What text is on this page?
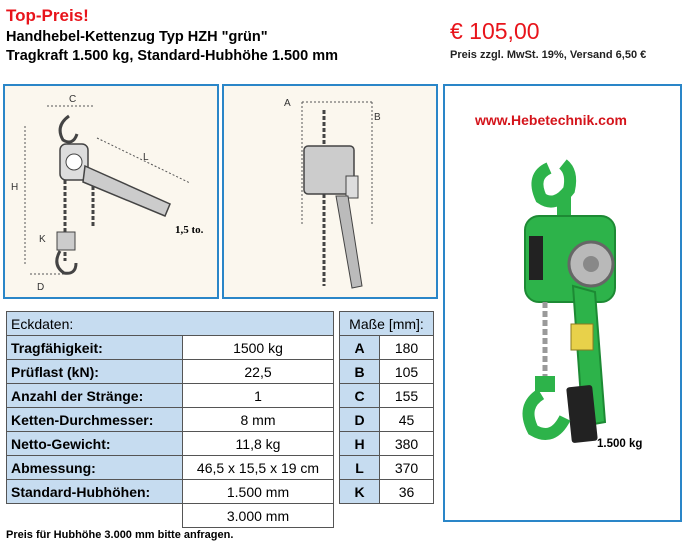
Top-Preis!
Handhebel-Kettenzug Typ HZH "grün"
Tragkraft 1.500 kg, Standard-Hubhöhe 1.500 mm
€ 105,00
Preis zzgl. MwSt. 19%, Versand 6,50 €
C
L
H
K
D
1,5 to.
A
B	www.Hebetechnik.com
1.500 kg
Eckdaten:	
Tragfähigkeit:	1500 kg
Prüflast (kN):	22,5
Anzahl der Stränge:	1
Ketten-Durchmesser:	8 mm
Netto-Gewicht:	11,8 kg
Abmessung:	46,5 x 15,5 x 19 cm
Standard-Hubhöhen:	1.500 mm
	3.000 mm
Maße [mm]:	
A	180
B	105
C	155
D	45
H	380
L	370
K	36
Preis für Hubhöhe 3.000 mm bitte anfragen.
